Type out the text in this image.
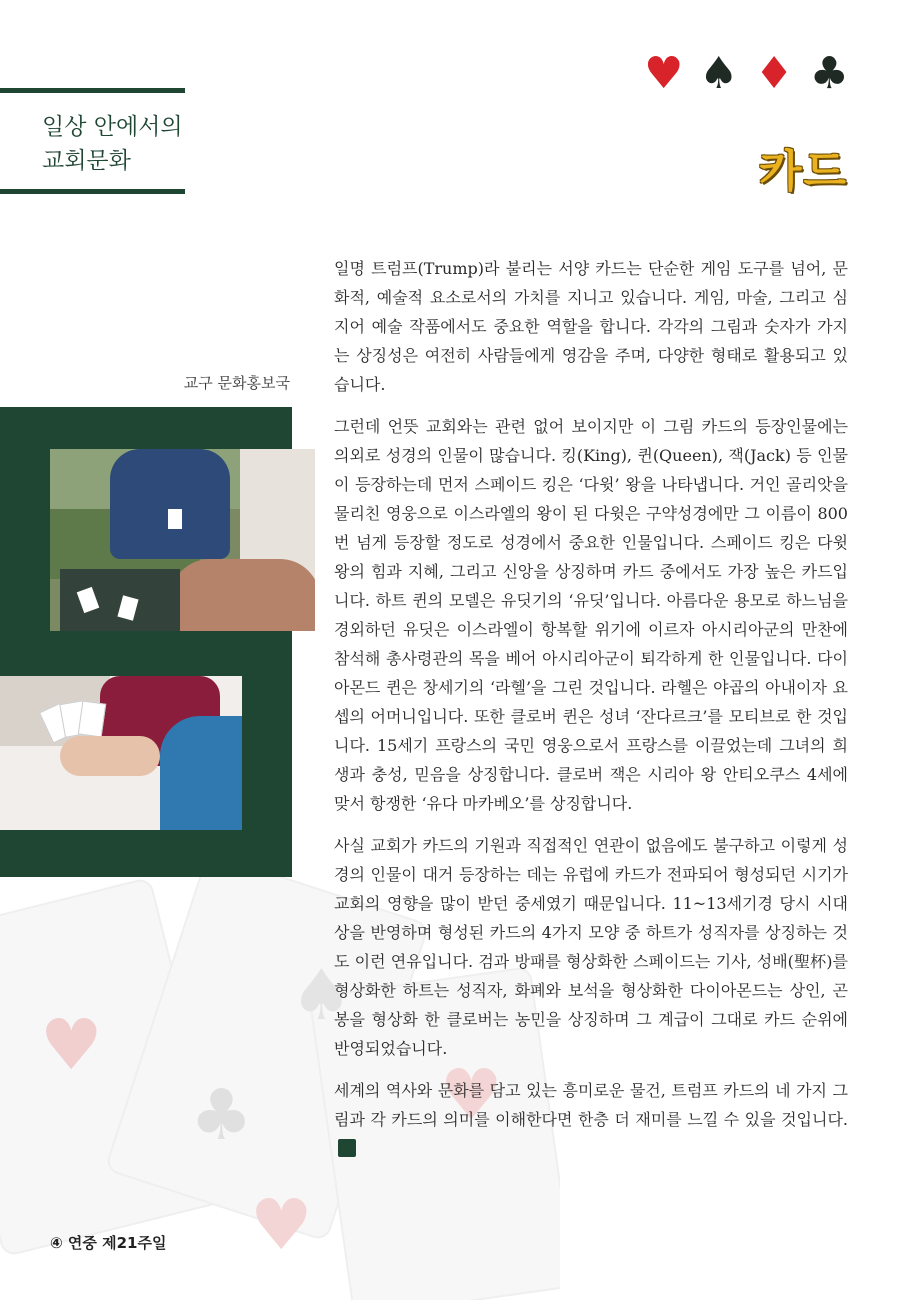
♥
♣
♠
♥
♥
일상 안에서의
교회문화
♥ ♠ ♦ ♣
카드
교구 문화홍보국

일명 트럼프(Trump)라 불리는 서양 카드는 단순한 게임 도구를 넘어, 문화적, 예술적 요소로서의 가치를 지니고 있습니다. 게임, 마술, 그리고 심지어 예술 작품에서도 중요한 역할을 합니다. 각각의 그림과 숫자가 가지는 상징성은 여전히 사람들에게 영감을 주며, 다양한 형태로 활용되고 있습니다.

그런데 언뜻 교회와는 관련 없어 보이지만 이 그림 카드의 등장인물에는 의외로 성경의 인물이 많습니다. 킹(King), 퀸(Queen), 잭(Jack) 등 인물이 등장하는데 먼저 스페이드 킹은 ‘다윗’ 왕을 나타냅니다. 거인 골리앗을 물리친 영웅으로 이스라엘의 왕이 된 다윗은 구약성경에만 그 이름이 800번 넘게 등장할 정도로 성경에서 중요한 인물입니다. 스페이드 킹은 다윗 왕의 힘과 지혜, 그리고 신앙을 상징하며 카드 중에서도 가장 높은 카드입니다. 하트 퀸의 모델은 유딧기의 ‘유딧’입니다. 아름다운 용모로 하느님을 경외하던 유딧은 이스라엘이 항복할 위기에 이르자 아시리아군의 만찬에 참석해 총사령관의 목을 베어 아시리아군이 퇴각하게 한 인물입니다. 다이아몬드 퀸은 창세기의 ‘라헬’을 그린 것입니다. 라헬은 야곱의 아내이자 요셉의 어머니입니다. 또한 클로버 퀸은 성녀 ‘잔다르크’를 모티브로 한 것입니다. 15세기 프랑스의 국민 영웅으로서 프랑스를 이끌었는데 그녀의 희생과 충성, 믿음을 상징합니다. 클로버 잭은 시리아 왕 안티오쿠스 4세에 맞서 항쟁한 ‘유다 마카베오’를 상징합니다.

사실 교회가 카드의 기원과 직접적인 연관이 없음에도 불구하고 이렇게 성경의 인물이 대거 등장하는 데는 유럽에 카드가 전파되어 형성되던 시기가 교회의 영향을 많이 받던 중세였기 때문입니다. 11~13세기경 당시 시대상을 반영하며 형성된 카드의 4가지 모양 중 하트가 성직자를 상징하는 것도 이런 연유입니다. 검과 방패를 형상화한 스페이드는 기사, 성배(聖杯)를 형상화한 하트는 성직자, 화폐와 보석을 형상화한 다이아몬드는 상인, 곤봉을 형상화 한 클로버는 농민을 상징하며 그 계급이 그대로 카드 순위에 반영되었습니다.

세계의 역사와 문화를 담고 있는 흥미로운 물건, 트럼프 카드의 네 가지 그림과 각 카드의 의미를 이해한다면 한층 더 재미를 느낄 수 있을 것입니다.

④ 연중 제21주일
